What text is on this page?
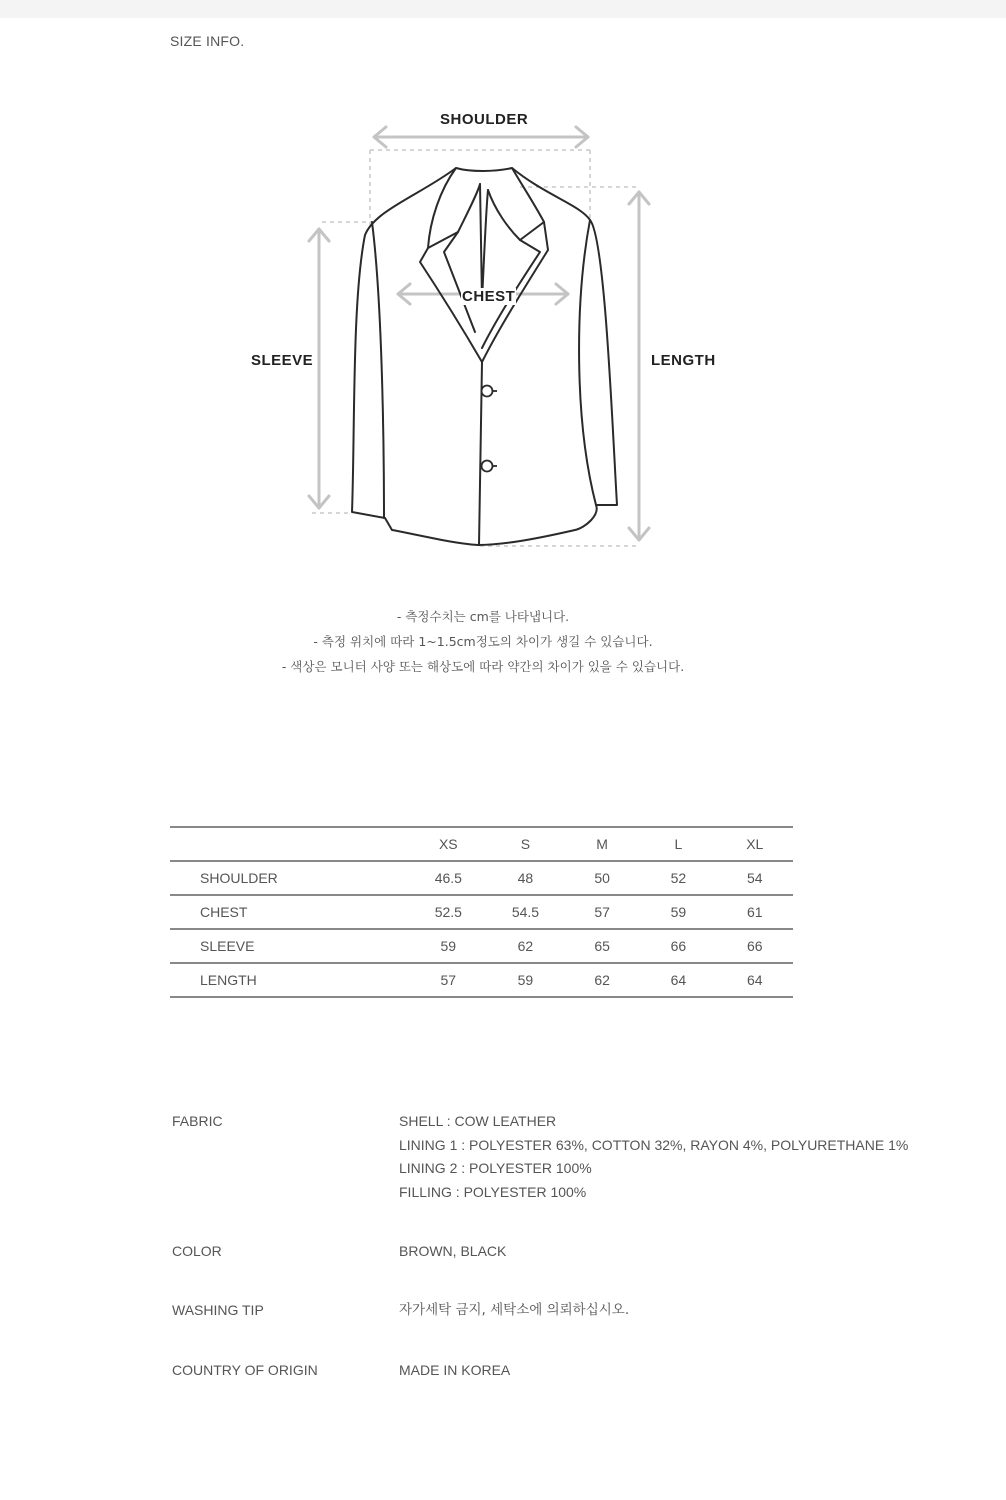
SIZE INFO.
SHOULDER
CHEST
SLEEVE	LENGTH
- 측정수치는 cm를 나타냅니다.
- 측정 위치에 따라 1~1.5cm정도의 차이가 생길 수 있습니다.
- 색상은 모니터 사양 또는 해상도에 따라 약간의 차이가 있을 수 있습니다.
	XS	S	M	L	XL
SHOULDER	46.5	48	50	52	54
CHEST	52.5	54.5	57	59	61
SLEEVE	59	62	65	66	66
LENGTH	57	59	62	64	64
FABRIC	SHELL : COW LEATHER
LINING 1 : POLYESTER 63%, COTTON 32%, RAYON 4%, POLYURETHANE 1%
LINING 2 : POLYESTER 100%
FILLING : POLYESTER 100%
COLOR	BROWN, BLACK
WASHING TIP	자가세탁 금지, 세탁소에 의뢰하십시오.
COUNTRY OF ORIGIN	MADE IN KOREA
